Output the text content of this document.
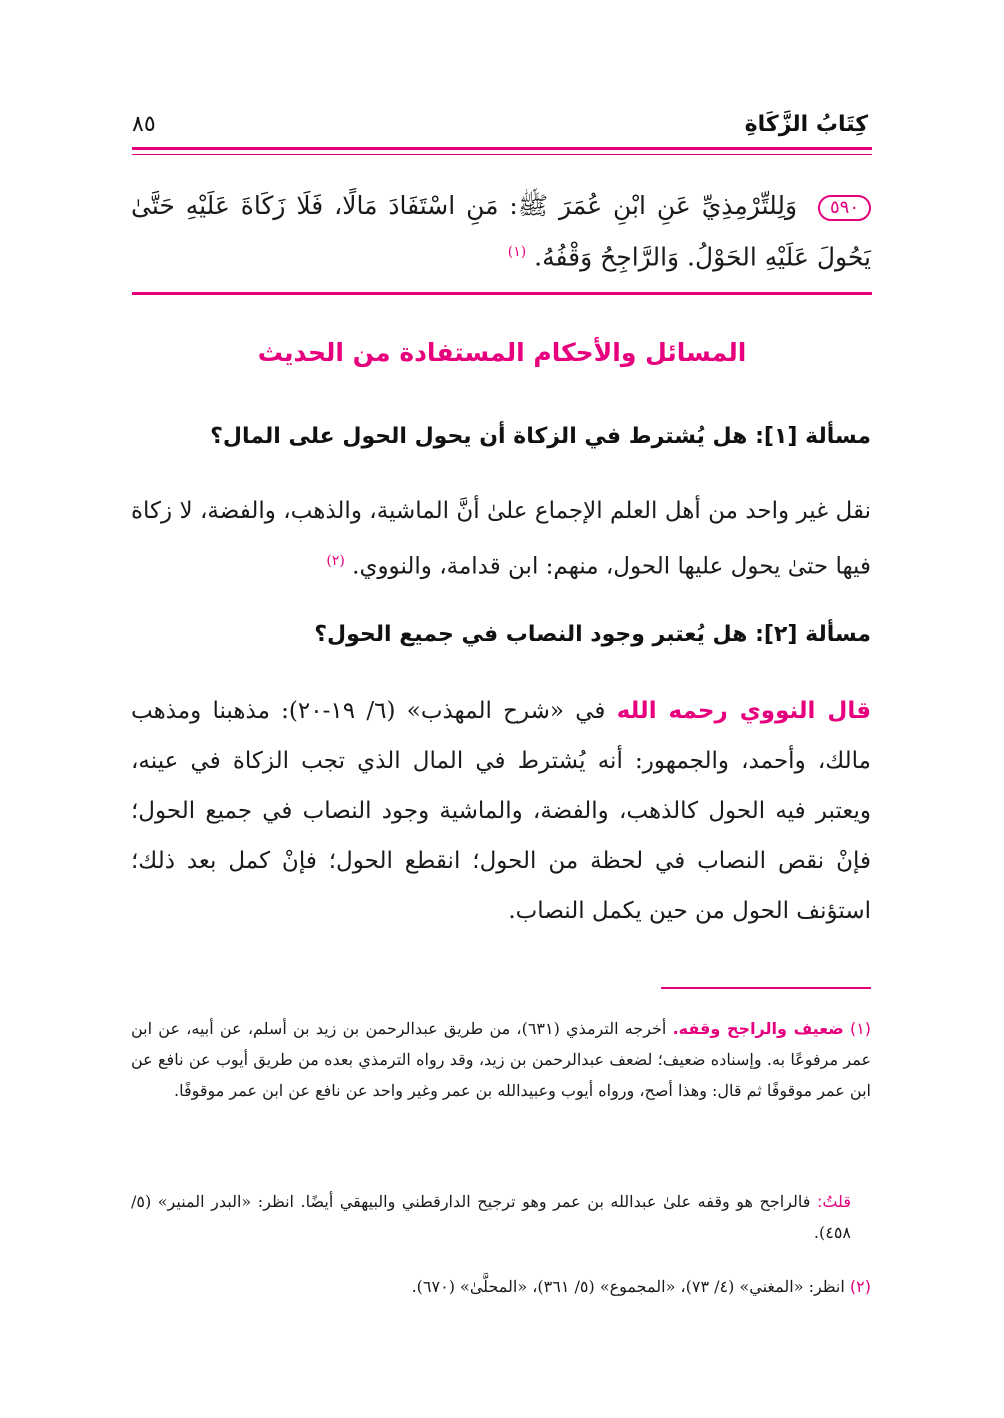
كِتَابُ الزَّكَاةِ
٨٥
٥٩٠ وَلِلتِّرْمِذِيِّ عَنِ ابْنِ عُمَرَ ﷺ: مَنِ اسْتَفَادَ مَالًا، فَلَا زَكَاةَ عَلَيْهِ حَتَّىٰ يَحُولَ عَلَيْهِ الحَوْلُ. وَالرَّاجِحُ وَقْفُهُ. $^{(١)}$
المسائل والأحكام المستفادة من الحديث
مسألة [١]: هل يُشترط في الزكاة أن يحول الحول على المال؟
نقل غير واحد من أهل العلم الإجماع علىٰ أنَّ الماشية، والذهب، والفضة، لا زكاة فيها حتىٰ يحول عليها الحول، منهم: ابن قدامة، والنووي. $^{(٢)}$
مسألة [٢]: هل يُعتبر وجود النصاب في جميع الحول؟
قال النووي رحمه الله في «شرح المهذب» (٦/ ١٩-٢٠): مذهبنا ومذهب مالك، وأحمد، والجمهور: أنه يُشترط في المال الذي تجب الزكاة في عينه، ويعتبر فيه الحول كالذهب، والفضة، والماشية وجود النصاب في جميع الحول؛ فإنْ نقص النصاب في لحظة من الحول؛ انقطع الحول؛ فإنْ كمل بعد ذلك؛ استؤنف الحول من حين يكمل النصاب.
(١) ضعيف والراجح وقفه. أخرجه الترمذي (٦٣١)، من طريق عبدالرحمن بن زيد بن أسلم، عن أبيه، عن ابن عمر مرفوعًا به. وإسناده ضعيف؛ لضعف عبدالرحمن بن زيد، وقد رواه الترمذي بعده من طريق أيوب عن نافع عن ابن عمر موقوفًا ثم قال: وهذا أصح، ورواه أيوب وعبيدالله بن عمر وغير واحد عن نافع عن ابن عمر موقوفًا.
قلتُ: فالراجح هو وقفه علىٰ عبدالله بن عمر وهو ترجيح الدارقطني والبيهقي أيضًا. انظر: «البدر المنير» (٥/ ٤٥٨).
(٢) انظر: «المغني» (٤/ ٧٣)، «المجموع» (٥/ ٣٦١)، «المحلَّىٰ» (٦٧٠).
